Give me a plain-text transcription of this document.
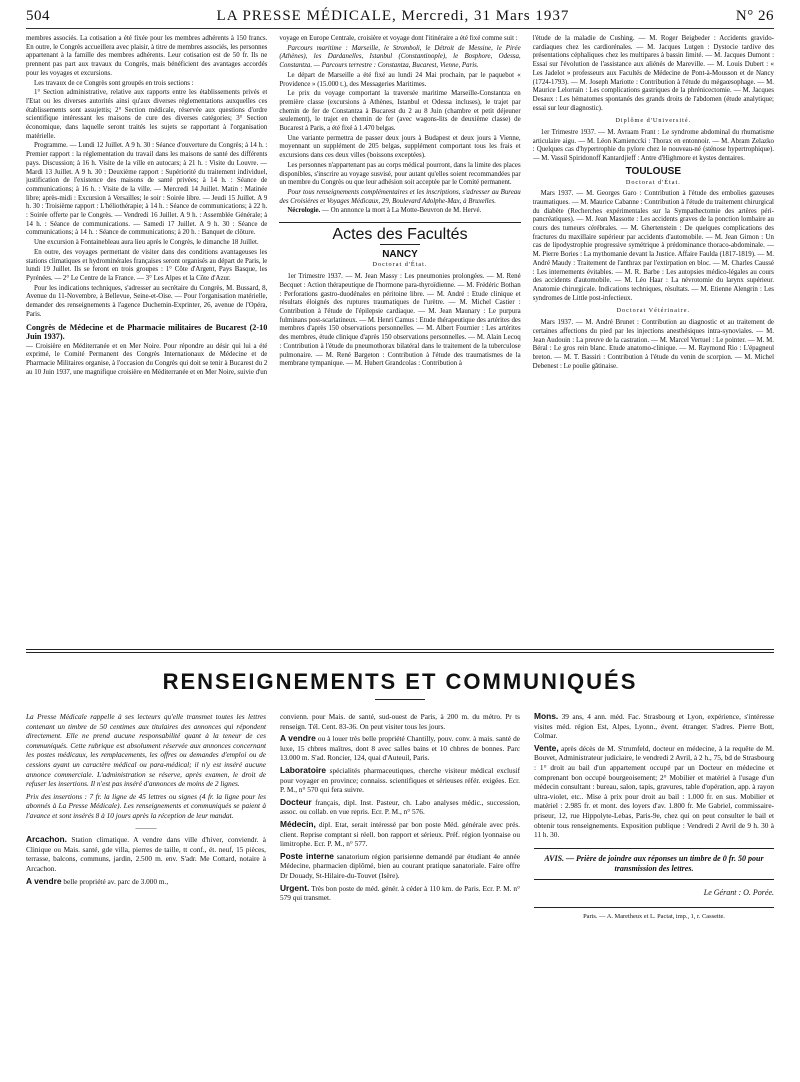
504	LA PRESSE MÉDICALE, Mercredi, 31 Mars 1937	N° 26

membres associés. La cotisation a été fixée pour les membres adhérents à 150 francs. En outre, le Congrès accueillera avec plaisir, à titre de membres associés, les personnes appartenant à la famille des membres adhérents. Leur cotisation est de 50 fr. Ils ne prennent pas part aux travaux du Congrès, mais bénéficient des avantages accordés pour les voyages et excursions.

Les travaux de ce Congrès sont groupés en trois sections :

1° Section administrative, relative aux rapports entre les établissements privés et l'Etat ou les diverses autorités ainsi qu'aux diverses réglementations auxquelles ces établissements sont assujettis; 2° Section médicale, réservée aux questions d'ordre scientifique intéressant les maisons de cure des diverses catégories; 3° Section économique, dans laquelle seront traités les sujets se rapportant à l'organisation matérielle.

Programme. — Lundi 12 Juillet. A 9 h. 30 : Séance d'ouverture du Congrès; à 14 h. : Premier rapport : la réglementation du travail dans les maisons de santé des différents pays. Discussion; à 16 h. Visite de la ville en autocars; à 21 h. : Visite du Louvre. — Mardi 13 Juillet. A 9 h. 30 : Deuxième rapport : Supériorité du traitement individuel, justification de l'existence des maisons de santé privées; à 14 h. : Séance de communications; à 16 h. : Visite de la ville. — Mercredi 14 Juillet. Matin : Matinée libre; après-midi : Excursion à Versailles; le soir : Soirée libre. — Jeudi 15 Juillet. A 9 h. 30 : Troisième rapport : L'héliothérapie; à 14 h. : Séance de communications; à 22 h. : Soirée offerte par le Congrès. — Vendredi 16 Juillet. A 9 h. : Assemblée Générale; à 14 h. : Séance de communications. — Samedi 17 Juillet. A 9 h. 30 : Séance de communications; à 14 h. : Séance de communications; à 20 h. : Banquet de clôture.

Une excursion à Fontainebleau aura lieu après le Congrès, le dimanche 18 Juillet.

En outre, des voyages permettant de visiter dans des conditions avantageuses les stations climatiques et hydrominérales françaises seront organisés au départ de Paris, le lundi 19 Juillet. Ils se feront en trois groupes : 1° Côte d'Argent, Pays Basque, les Pyrénées. — 2° Le Centre de la France. — 3° Les Alpes et la Côte d'Azur.

Pour les indications techniques, s'adresser au secrétaire du Congrès, M. Bussard, 8, Avenue du 11-Novembre, à Bellevue, Seine-et-Oise. — Pour l'organisation matérielle, demander des renseignements à l'agence Duchemin-Exprinter, 26, avenue de l'Opéra, Paris.

Congrès de Médecine et de Pharmacie militaires de Bucarest (2-10 Juin 1937).

— Croisière en Méditerranée et en Mer Noire. Pour répondre au désir qui lui a été exprimé, le Comité Permanent des Congrès Internationaux de Médecine et de Pharmacie Militaires organise, à l'occasion du Congrès qui doit se tenir à Bucarest du 2 au 10 Juin 1937, une magnifique croisière en Méditerranée et en Mer Noire, suivie d'un

voyage en Europe Centrale, croisière et voyage dont l'itinéraire a été fixé comme suit :

Parcours maritime : Marseille, le Stromboli, le Détroit de Messine, le Pirée (Athènes), les Dardanelles, Istanbul (Constantinople), le Bosphore, Odessa, Constantza. — Parcours terrestre : Constantza, Bucarest, Vienne, Paris.

Le départ de Marseille a été fixé au lundi 24 Mai prochain, par le paquebot « Providence » (15.000 t.), des Messageries Maritimes.

Le prix du voyage comportant la traversée maritime Marseille-Constantza en première classe (excursions à Athènes, Istanbul et Odessa incluses), le trajet par chemin de fer de Constantza à Bucarest du 2 au 8 Juin (chambre et petit déjeuner seulement), le trajet en chemin de fer (avec wagons-lits de deuxième classe) de Bucarest à Paris, a été fixé à 1.470 belgas.

Une variante permettra de passer deux jours à Budapest et deux jours à Vienne, moyennant un supplément de 205 belgas, supplément comportant tous les frais et excursions dans ces deux villes (boissons exceptées).

Les personnes n'appartenant pas au corps médical pourront, dans la limite des places disponibles, s'inscrire au voyage susvisé, pour autant qu'elles soient recommandées par un membre du Congrès ou que leur adhésion soit acceptée par le Comité permanent.

Pour tous renseignements complémentaires et les inscriptions, s'adresser au Bureau des Croisières et Voyages Médicaux, 29, Boulevard Adolphe-Max, à Bruxelles.

Nécrologie. — On annonce la mort à La Motte-Beuvron de M. Hervé.

Actes des Facultés
NANCY
Doctorat d'État.

1er Trimestre 1937. — M. Jean Massy : Les pneumonies prolongées. — M. René Becquet : Action thérapeutique de l'hormone para-thyroïdienne. — M. Frédéric Bothan : Perforations gastro-duodénales en péritoine libre. — M. André : Etude clinique et résultats éloignés des ruptures traumatiques de l'urètre. — M. Michel Castier : Contribution à l'étude de l'épilepsie cardiaque. — M. Jean Maunary : Le purpura fulminans post-scarlatineux. — M. Henri Camus : Etude thérapeutique des artérites des membres d'après 150 observations personnelles. — M. Albert Fournier : Les artérites des membres, étude clinique d'après 150 observations personnelles. — M. Alain Lecoq : Contribution à l'étude du pneumothorax bilatéral dans le traitement de la tuberculose pulmonaire. — M. René Bargeton : Contribution à l'étude des traumatismes de la membrane tympanique. — M. Hubert Grandcolas : Contribution à

l'étude de la maladie de Cushing. — M. Roger Beigbeder : Accidents gravido-cardiaques chez les cardiorénales. — M. Jacques Lutgen : Dystocie tardive des présentations céphaliques chez les multipares à bassin limité. — M. Jacques Dumont : Essai sur l'évolution de l'assistance aux aliénés de Mareville. — M. Louis Dubert : « Les Jadelot » professeurs aux Facultés de Médecine de Pont-à-Mousson et de Nancy (1724-1793). — M. Joseph Mariotte : Contribution à l'étude du mégaœsophage. — M. Maurice Lelorrain : Les complications gastriques de la phrénicectomie. — M. Jacques Desaux : Les hématomes spontanés des grands droits de l'abdomen (étude analytique; essai sur leur diagnostic).

Diplôme d'Université.

1er Trimestre 1937. — M. Avraam Frant : Le syndrome abdominal du rhumatisme articulaire aigu. — M. Léon Kamienccki : Thorax en entonnoir. — M. Abram Zelazko : Quelques cas d'hypertrophie du pylore chez le nouveau-né (sténose hypertrophique). — M. Vassil Spiridonoff Kantardjieff : Antre d'Highmore et kystes dentaires.

TOULOUSE
Doctorat d'État.

Mars 1937. — M. Georges Garo : Contribution à l'étude des embolies gazeuses traumatiques. — M. Maurice Cabanne : Contribution à l'étude du traitement chirurgical du diabète (Recherches expérimentales sur la Sympathectomie des artères péri-pancréatiques). — M. Jean Massotte : Les accidents graves de la ponction lombaire au cours des tumeurs cérébrales. — M. Ghertenstein : De quelques complications des fractures du maxillaire supérieur par accidents d'automobile. — M. Jean Gimon : Un cas de lipodystrophie progressive symétrique à prédominance thoraco-abdominale. — M. Pierre Bories : La mythomanie devant la Justice. Affaire Faulda (1817-1819). — M. André Maudy : Traitement de l'anthrax par l'extirpation en bloc. — M. Charles Caussé : Les internements évitables. — M. R. Barbe : Les autopsies médico-légales au cours des accidents d'automobile. — M. Léo Haar : La névrotomie du larynx supérieur. Anatomie chirurgicale. Indications techniques, résultats. — M. Etienne Alengrin : Les syndromes de Little post-infectieux.

Doctorat Vétérinaire.

Mars 1937. — M. André Brunet : Contribution au diagnostic et au traitement de certaines affections du pied par les injections anesthésiques intra-synoviales. — M. Jean Audouin : La preuve de la castration. — M. Marcel Vertuel : Le pointer. — M. M. Béral : Le gros rein blanc. Etude anatomo-clinique. — M. Raymond Rio : L'épagneul breton. — M. T. Bassiri : Contribution à l'étude du venin de scorpion. — M. Michel Debenest : Le poulie gâtinaise.

RENSEIGNEMENTS ET COMMUNIQUÉS

La Presse Médicale rappelle à ses lecteurs qu'elle transmet toutes les lettres contenant un timbre de 50 centimes aux titulaires des annonces qui répondent directement. Elle ne prend aucune responsabilité quant à la teneur de ces communiqués. Cette rubrique est absolument réservée aux annonces concernant les postes médicaux, les remplacements, les offres ou demandes d'emploi ou de cessions ayant un caractère médical ou para-médical; il n'y est inséré aucune annonce commerciale. L'administration se réserve, après examen, le droit de refuser les insertions. Il n'est pas inséré d'annonces de moins de 2 lignes.

Prix des insertions : 7 fr. la ligne de 45 lettres ou signes (4 fr. la ligne pour les abonnés à La Presse Médicale). Les renseignements et communiqués se paient à l'avance et sont insérés 8 à 10 jours après la réception de leur mandat.

———

Arcachon. Station climatique. A vendre dans ville d'hiver, conviendr. à Clinique ou Mais. santé, gde villa, pierres de taille, tt conf., ét. neuf, 15 pièces, terrasse, balcons, communs, jardin, 2.500 m. env. S'adr. Me Cottard, notaire à Arcachon.

A vendre belle propriété av. parc de 3.000 m.,

convienn. pour Mais. de santé, sud-ouest de Paris, à 200 m. du métro. Pr ts renseign. Tél. Cent. 83-36. On peut visiter tous les jours.

A vendre ou à louer très belle propriété Chantilly, pouv. conv. à mais. santé de luxe, 15 chbres maîtres, dont 8 avec salles bains et 10 chbres de bonnes. Parc 13.000 m. S'ad. Roncier, 124, quai d'Auteuil, Paris.

Laboratoire spécialités pharmaceutiques, cherche visiteur médical exclusif pour voyager en province; connaiss. scientifiques et sérieuses référ. exigées. Ecr. P. M., n° 570 qui fera suivre.

Docteur français, dipl. Inst. Pasteur, ch. Labo analyses médic., succession, assoc. ou collab. en vue repris. Ecr. P. M., n° 576.

Médecin, dipl. Etat, serait intéressé par bon poste Méd. générale avec prés. client. Reprise comptant si réell. bon rapport et sérieux. Préf. région lyonnaise ou limitrophe. Ecr. P. M., n° 577.

Poste interne sanatorium région parisienne demandé par étudiant 4e année Médecine, pharmacien diplômé, bien au courant pratique sanatoriale. Faire offre Dr Douady, St-Hilaire-du-Touvet (Isère).

Urgent. Très bon poste de méd. génér. à céder à 110 km. de Paris. Ecr. P. M. n° 579 qui transmet.

Mons. 39 ans, 4 ann. méd. Fac. Strasbourg et Lyon, expérience, s'intéresse visites méd. région Est, Alpes, Lyonn., évent. étranger. S'adres. Pierre Bott, Colmar.

Vente, après décès de M. S'trumfeld, docteur en médecine, à la requête de M. Bouvet, Administrateur judiciaire, le vendredi 2 Avril, à 2 h., 75, bd de Strasbourg : 1° droit au bail d'un appartement occupé par un Docteur en médecine et comprenant bon occupé bourgeoisement; 2° Mobilier et matériel à l'usage d'un médecin consultant : bureau, salon, tapis, gravures, table d'opération, app. à rayon ultra-violet, etc.. Mise à prix pour droit au bail : 1.000 fr. en sus. Mobilier et matériel : 2.985 fr. et mont. des loyers d'av. 1.800 fr. Me Gabriel, commissaire-priseur, 12, rue Hippolyte-Lebas, Paris-9e, chez qui on peut consulter le bail et obtenir tous renseignements. Exposition publique : Vendredi 2 Avril de 9 h. 30 à 11 h. 30.

AVIS. — Prière de joindre aux réponses un timbre de 0 fr. 50 pour transmission des lettres.
Le Gérant : O. Porée.
Paris. — A. Maretheux et L. Pactat, imp., 1, r. Cassette.
